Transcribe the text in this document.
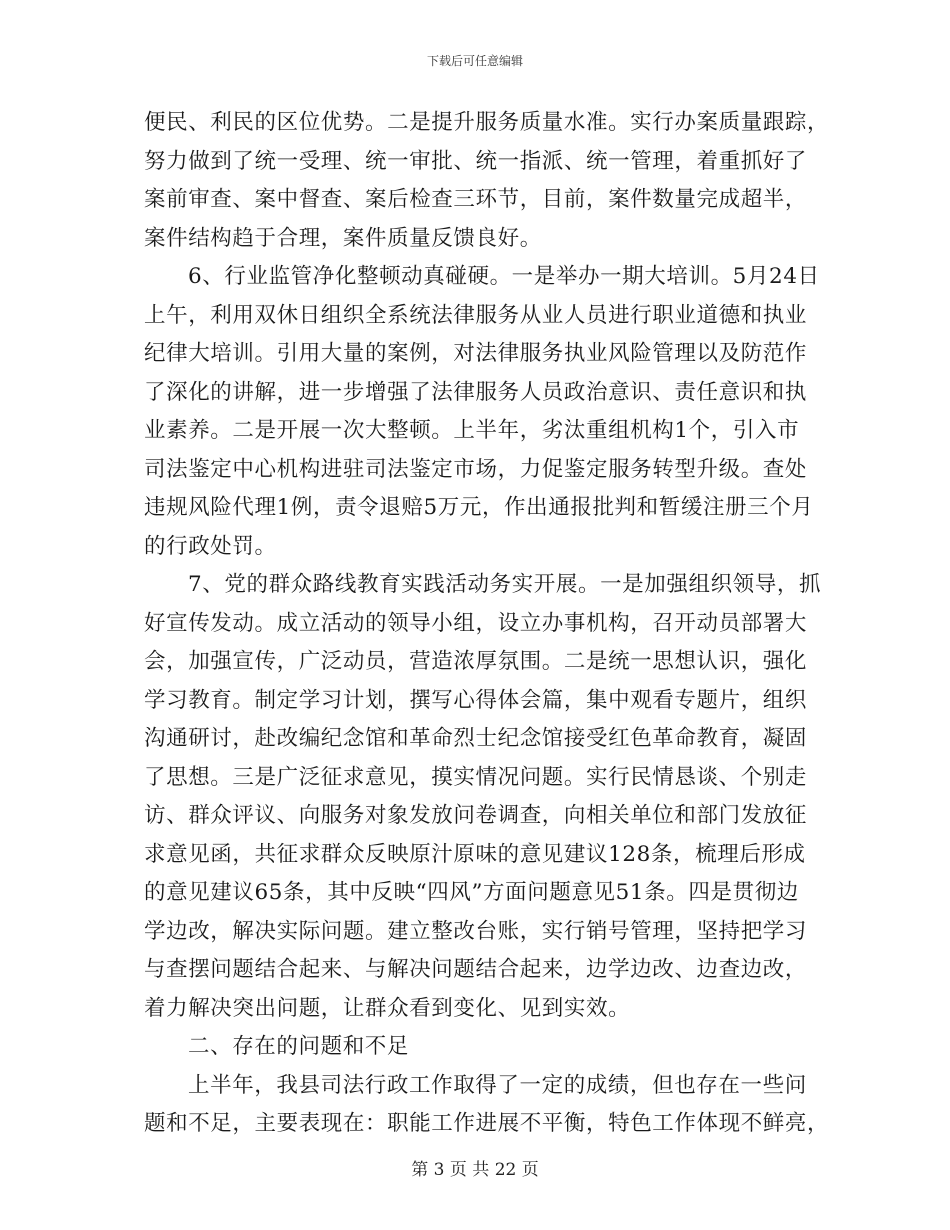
下载后可任意编辑
便民、利民的区位优势。二是提升服务质量水准。实行办案质量跟踪，
努力做到了统一受理、统一审批、统一指派、统一管理，着重抓好了
案前审查、案中督查、案后检查三环节，目前，案件数量完成超半，
案件结构趋于合理，案件质量反馈良好。
6、行业监管净化整顿动真碰硬。一是举办一期大培训。5月24日
上午，利用双休日组织全系统法律服务从业人员进行职业道德和执业
纪律大培训。引用大量的案例，对法律服务执业风险管理以及防范作
了深化的讲解，进一步增强了法律服务人员政治意识、责任意识和执
业素养。二是开展一次大整顿。上半年，劣汰重组机构1个，引入市
司法鉴定中心机构进驻司法鉴定市场，力促鉴定服务转型升级。查处
违规风险代理1例，责令退赔5万元，作出通报批判和暂缓注册三个月
的行政处罚。
7、党的群众路线教育实践活动务实开展。一是加强组织领导，抓
好宣传发动。成立活动的领导小组，设立办事机构，召开动员部署大
会，加强宣传，广泛动员，营造浓厚氛围。二是统一思想认识，强化
学习教育。制定学习计划，撰写心得体会篇，集中观看专题片，组织
沟通研讨，赴改编纪念馆和革命烈士纪念馆接受红色革命教育，凝固
了思想。三是广泛征求意见，摸实情况问题。实行民情恳谈、个别走
访、群众评议、向服务对象发放问卷调查，向相关单位和部门发放征
求意见函，共征求群众反映原汁原味的意见建议128条，梳理后形成
的意见建议65条，其中反映“四风”方面问题意见51条。四是贯彻边
学边改，解决实际问题。建立整改台账，实行销号管理，坚持把学习
与查摆问题结合起来、与解决问题结合起来，边学边改、边查边改，
着力解决突出问题，让群众看到变化、见到实效。
二、存在的问题和不足
上半年，我县司法行政工作取得了一定的成绩，但也存在一些问
题和不足，主要表现在：职能工作进展不平衡，特色工作体现不鲜亮，
第 3 页 共 22 页
